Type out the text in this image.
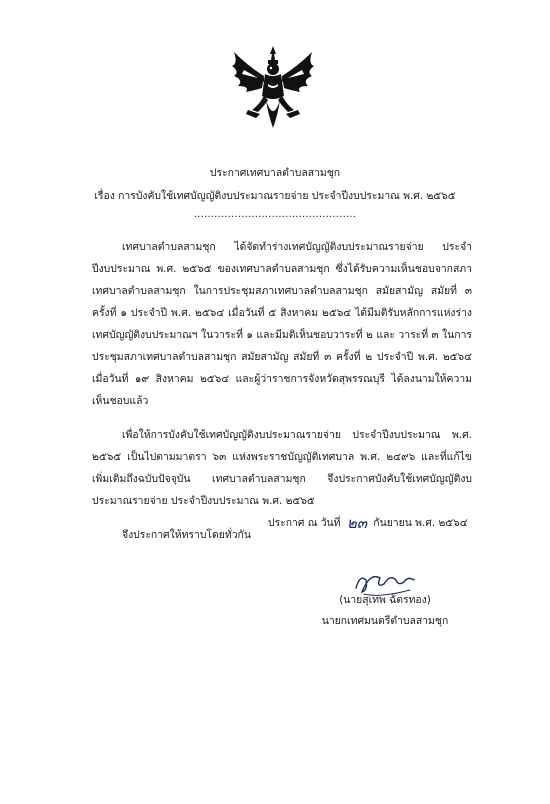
ประกาศเทศบาลตำบลสามชุก
เรื่อง การบังคับใช้เทศบัญญัติงบประมาณรายจ่าย ประจำปีงบประมาณ พ.ศ. ๒๕๖๕
................................................

เทศบาลตำบลสามชุก ได้จัดทำร่างเทศบัญญัติงบประมาณรายจ่าย ประจำปีงบประมาณ พ.ศ. ๒๕๖๕ ของเทศบาลตำบลสามชุก ซึ่งได้รับความเห็นชอบจากสภาเทศบาลตำบลสามชุก ในการประชุมสภาเทศบาลตำบลสามชุก สมัยสามัญ สมัยที่ ๓ ครั้งที่ ๑ ประจำปี พ.ศ. ๒๕๖๔ เมื่อวันที่ ๕ สิงหาคม ๒๕๖๔ ได้มีมติรับหลักการแห่งร่างเทศบัญญัติงบประมาณฯ ในวาระที่ ๑ และมีมติเห็นชอบวาระที่ ๒ และ วาระที่ ๓ ในการประชุมสภาเทศบาลตำบลสามชุก สมัยสามัญ สมัยที่ ๓ ครั้งที่ ๒ ประจำปี พ.ศ. ๒๕๖๔ เมื่อวันที่ ๑๙ สิงหาคม ๒๕๖๔ และผู้ว่าราชการจังหวัดสุพรรณบุรี ได้ลงนามให้ความเห็นชอบแล้ว

เพื่อให้การบังคับใช้เทศบัญญัติงบประมาณรายจ่าย ประจำปีงบประมาณ พ.ศ. ๒๕๖๕ เป็นไปตามมาตรา ๖๓ แห่งพระราชบัญญัติเทศบาล พ.ศ. ๒๔๙๖ และที่แก้ไขเพิ่มเติมถึงฉบับปัจจุบัน เทศบาลตำบลสามชุก จึงประกาศบังคับใช้เทศบัญญัติงบประมาณรายจ่าย ประจำปีงบประมาณ พ.ศ. ๒๕๖๕

จึงประกาศให้ทราบโดยทั่วกัน

ประกาศ ณ วันที่ ๒๓ กันยายน พ.ศ. ๒๕๖๔
(นายสุเทพ ฉัตรทอง)
นายกเทศมนตรีตำบลสามชุก
